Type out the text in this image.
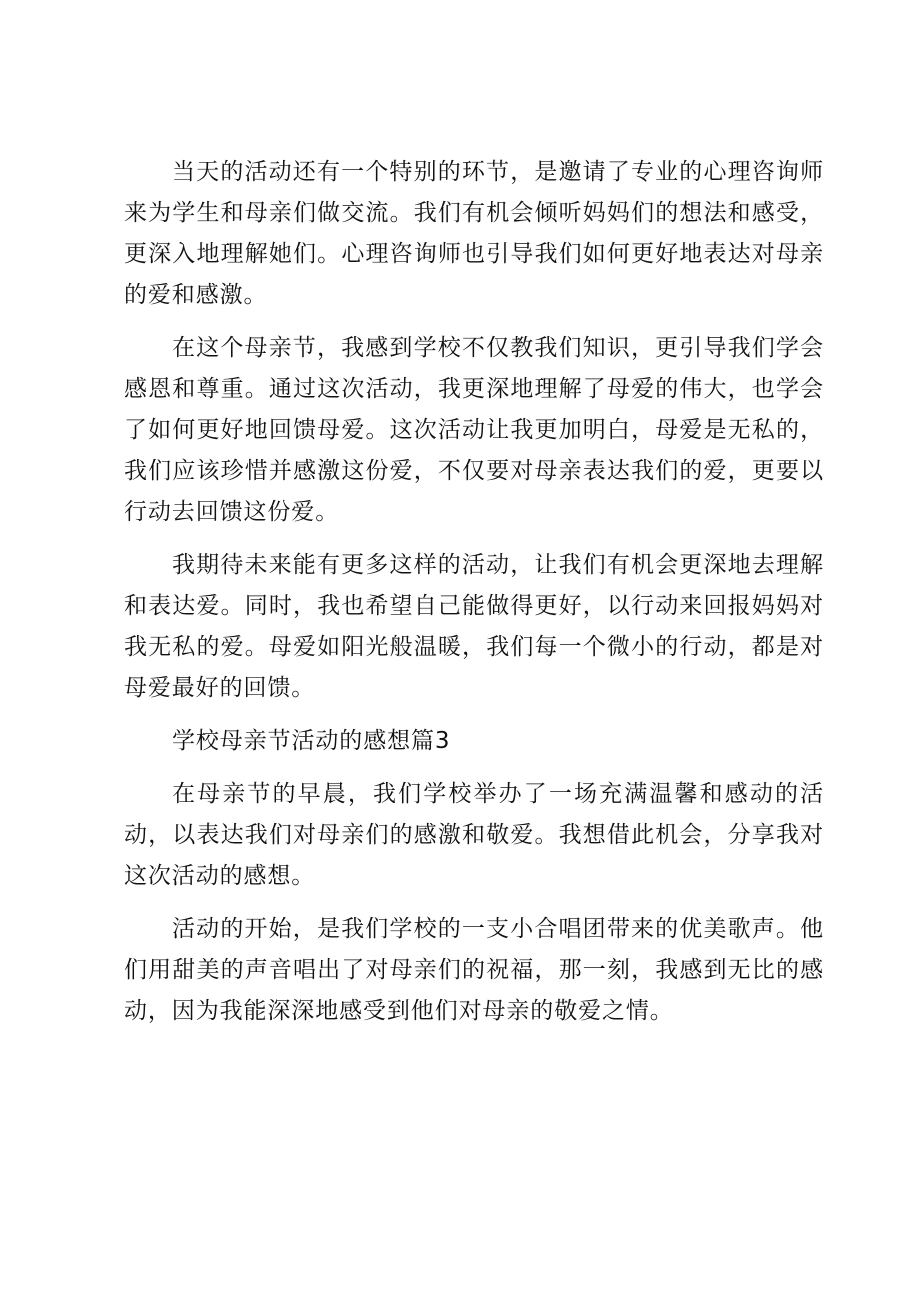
当天的活动还有一个特别的环节，是邀请了专业的心理咨询师来为学生和母亲们做交流。我们有机会倾听妈妈们的想法和感受，更深入地理解她们。心理咨询师也引导我们如何更好地表达对母亲的爱和感激。

在这个母亲节，我感到学校不仅教我们知识，更引导我们学会感恩和尊重。通过这次活动，我更深地理解了母爱的伟大，也学会了如何更好地回馈母爱。这次活动让我更加明白，母爱是无私的，我们应该珍惜并感激这份爱，不仅要对母亲表达我们的爱，更要以行动去回馈这份爱。

我期待未来能有更多这样的活动，让我们有机会更深地去理解和表达爱。同时，我也希望自己能做得更好，以行动来回报妈妈对我无私的爱。母爱如阳光般温暖，我们每一个微小的行动，都是对母爱最好的回馈。

学校母亲节活动的感想篇3

在母亲节的早晨，我们学校举办了一场充满温馨和感动的活动，以表达我们对母亲们的感激和敬爱。我想借此机会，分享我对这次活动的感想。

活动的开始，是我们学校的一支小合唱团带来的优美歌声。他们用甜美的声音唱出了对母亲们的祝福，那一刻，我感到无比的感动，因为我能深深地感受到他们对母亲的敬爱之情。
